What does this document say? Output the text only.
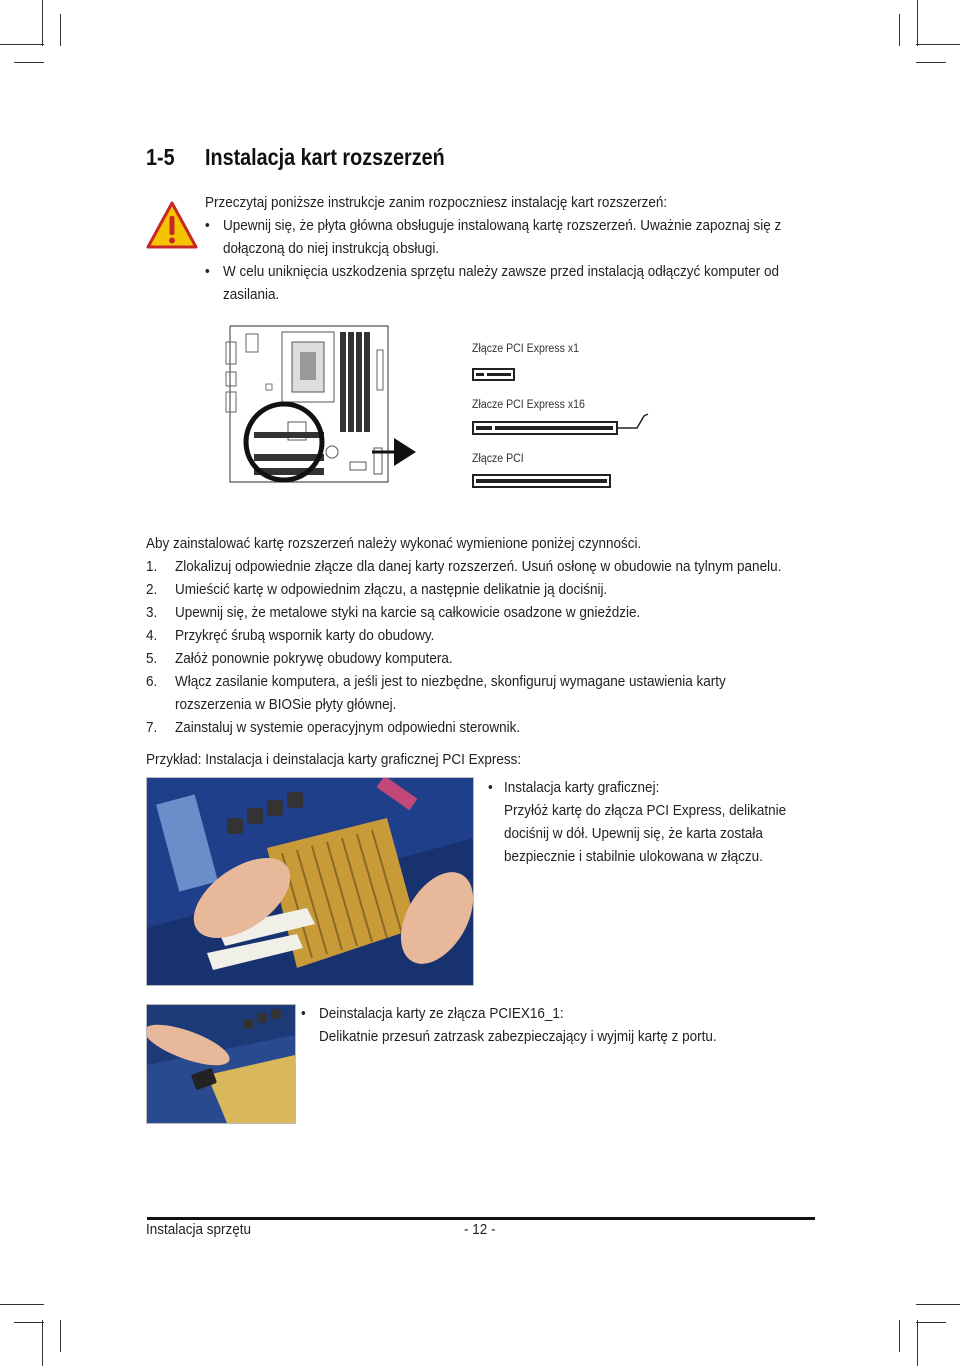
1-5 Instalacja kart rozszerzeń
Przeczytaj poniższe instrukcje zanim rozpoczniesz instalację kart rozszerzeń:
• Upewnij się, że płyta główna obsługuje instalowaną kartę rozszerzeń. Uważnie zapoznaj się z
dołączoną do niej instrukcją obsługi.
• W celu uniknięcia uszkodzenia sprzętu należy zawsze przed instalacją odłączyć komputer od
zasilania.
Złącze PCI Express x1
Złacze PCI Express x16
Złącze PCI
Aby zainstalować kartę rozszerzeń należy wykonać wymienione poniżej czynności.
1. Zlokalizuj odpowiednie złącze dla danej karty rozszerzeń. Usuń osłonę w obudowie na tylnym panelu.
2. Umieścić kartę w odpowiednim złączu, a następnie delikatnie ją dociśnij.
3. Upewnij się, że metalowe styki na karcie są całkowicie osadzone w gnieździe.
4. Przykręć śrubą wspornik karty do obudowy.
5. Załóż ponownie pokrywę obudowy komputera.
6. Włącz zasilanie komputera, a jeśli jest to niezbędne, skonfiguruj wymagane ustawienia karty
rozszerzenia w BIOSie płyty głównej.
7. Zainstaluj w systemie operacyjnym odpowiedni sterownik.
Przykład: Instalacja i deinstalacja karty graficznej PCI Express:
• Instalacja karty graficznej:
Przyłóż kartę do złącza PCI Express, delikatnie
dociśnij w dół. Upewnij się, że karta została
bezpiecznie i stabilnie ulokowana w złączu.
• Deinstalacja karty ze złącza PCIEX16_1:
Delikatnie przesuń zatrzask zabezpieczający i wyjmij kartę z portu.
Instalacja sprzętu	- 12 -
